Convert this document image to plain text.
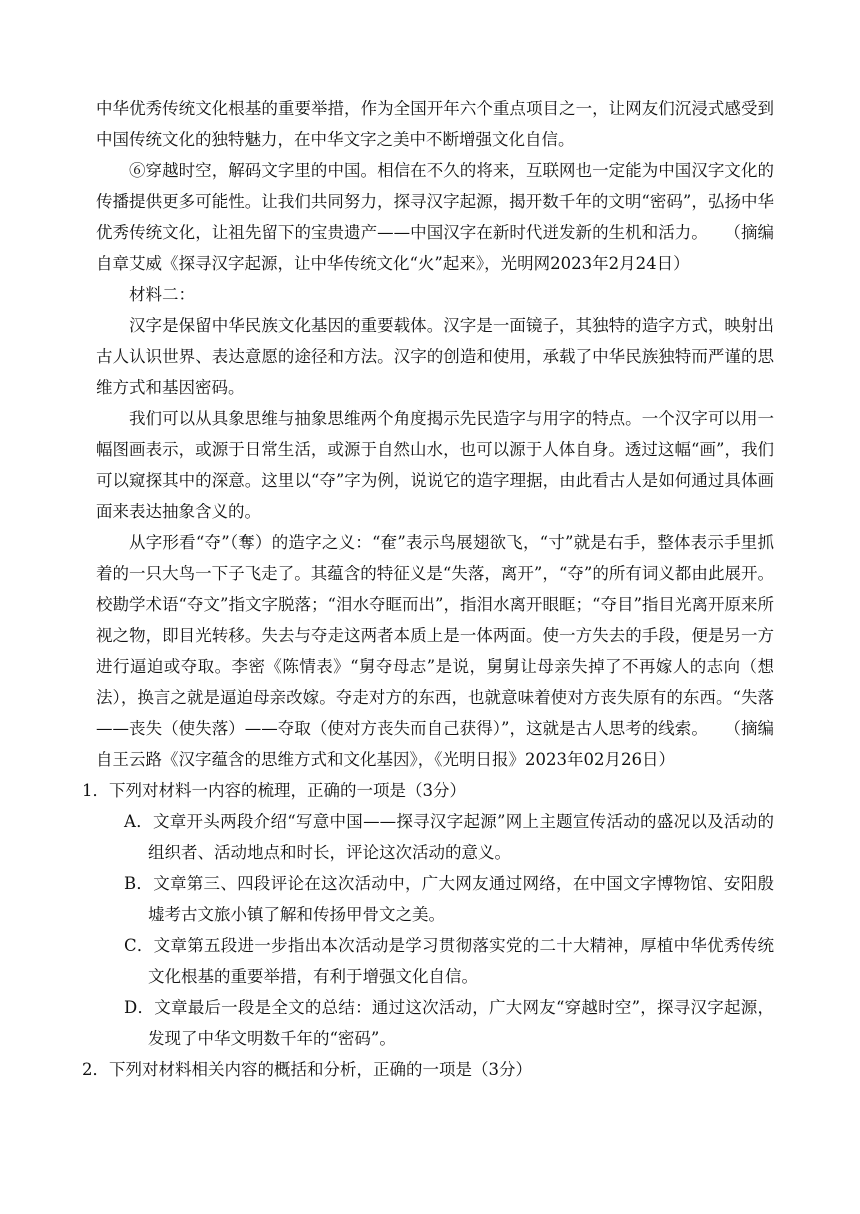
中华优秀传统文化根基的重要举措，作为全国开年六个重点项目之一，让网友们沉浸式感受到中国传统文化的独特魅力，在中华文字之美中不断增强文化自信。

⑥穿越时空，解码文字里的中国。相信在不久的将来，互联网也一定能为中国汉字文化的传播提供更多可能性。让我们共同努力，探寻汉字起源，揭开数千年的文明“密码”，弘扬中华优秀传统文化，让祖先留下的宝贵遗产——中国汉字在新时代迸发新的生机和活力。　　（摘编自章艾威《探寻汉字起源，让中华传统文化“火”起来》，光明网2023年2月24日）

材料二：

汉字是保留中华民族文化基因的重要载体。汉字是一面镜子，其独特的造字方式，映射出古人认识世界、表达意愿的途径和方法。汉字的创造和使用，承载了中华民族独特而严谨的思维方式和基因密码。

我们可以从具象思维与抽象思维两个角度揭示先民造字与用字的特点。一个汉字可以用一幅图画表示，或源于日常生活，或源于自然山水，也可以源于人体自身。透过这幅“画”，我们可以窥探其中的深意。这里以“夺”字为例，说说它的造字理据，由此看古人是如何通过具体画面来表达抽象含义的。

从字形看“夺”（奪）的造字之义：“奞”表示鸟展翅欲飞，“寸”就是右手，整体表示手里抓着的一只大鸟一下子飞走了。其蕴含的特征义是“失落，离开”，“夺”的所有词义都由此展开。校勘学术语“夺文”指文字脱落；“泪水夺眶而出”，指泪水离开眼眶；“夺目”指目光离开原来所视之物，即目光转移。失去与夺走这两者本质上是一体两面。使一方失去的手段，便是另一方进行逼迫或夺取。李密《陈情表》“舅夺母志”是说，舅舅让母亲失掉了不再嫁人的志向（想法），换言之就是逼迫母亲改嫁。夺走对方的东西，也就意味着使对方丧失原有的东西。“失落——丧失（使失落）——夺取（使对方丧失而自己获得）”，这就是古人思考的线索。　　（摘编自王云路《汉字蕴含的思维方式和文化基因》，《光明日报》2023年02月26日）

1．下列对材料一内容的梳理，正确的一项是（3分）

A．文章开头两段介绍“写意中国——探寻汉字起源”网上主题宣传活动的盛况以及活动的组织者、活动地点和时长，评论这次活动的意义。

B．文章第三、四段评论在这次活动中，广大网友通过网络，在中国文字博物馆、安阳殷墟考古文旅小镇了解和传扬甲骨文之美。

C．文章第五段进一步指出本次活动是学习贯彻落实党的二十大精神，厚植中华优秀传统文化根基的重要举措，有利于增强文化自信。

D．文章最后一段是全文的总结：通过这次活动，广大网友“穿越时空”，探寻汉字起源，发现了中华文明数千年的“密码”。

2．下列对材料相关内容的概括和分析，正确的一项是（3分）
